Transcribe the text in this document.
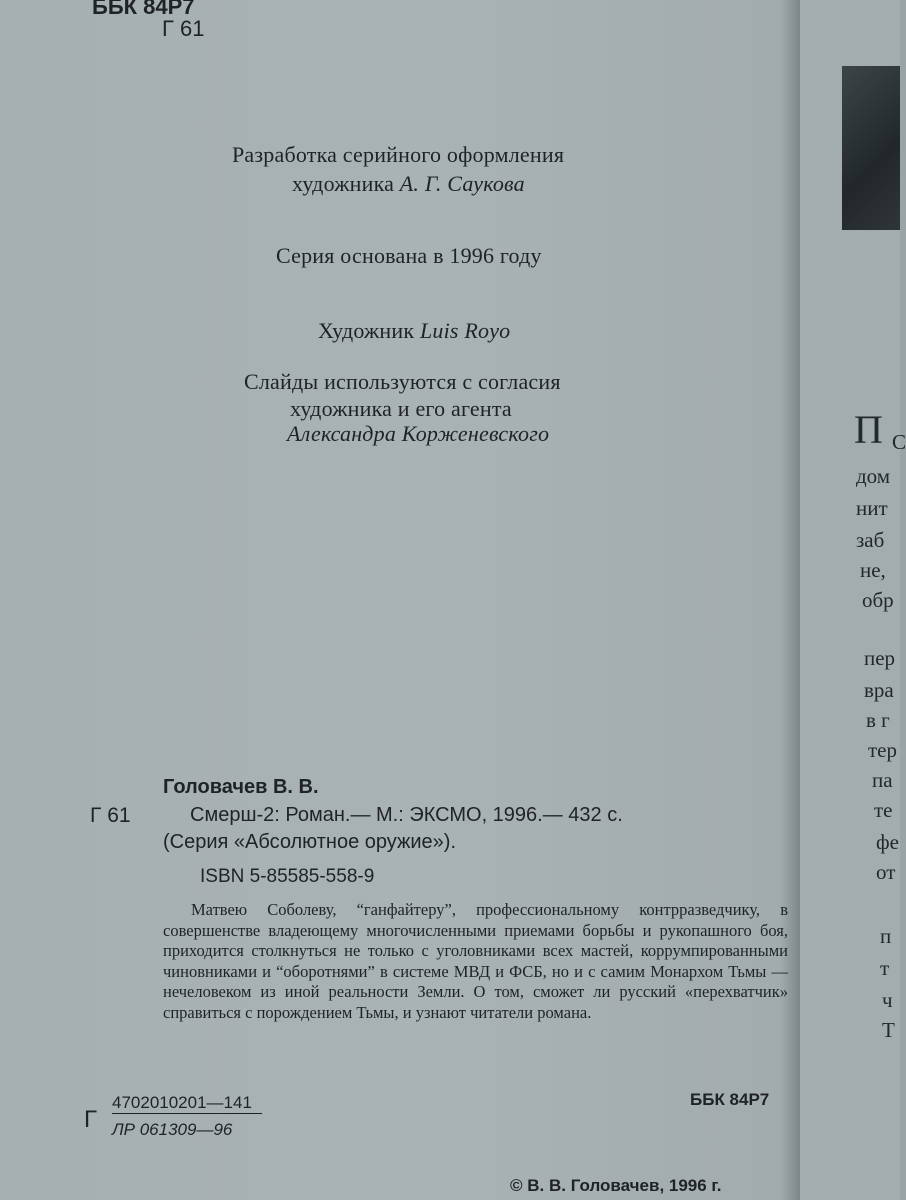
П С
дом
нит
заб
не,
обр
пер
вра
в г
тер
па
те
фе
от
п
т
ч
Т
ББК 84Р7
Г 61
Разработка серийного оформления
художника А. Г. Саукова
Серия основана в 1996 году
Художник Luis Royo
Слайды используются с согласия
художника и его агента
Александра Корженевского
Головачев В. В.
Г 61	Смерш-2: Роман.— М.: ЭКСМО, 1996.— 432 с.
(Серия «Абсолютное оружие»).
ISBN 5-85585-558-9

Матвею Соболеву, “ганфайтеру”, профессиональному контрразведчику, в совершенстве владеющему многочисленными приемами борьбы и рукопашного боя, приходится столкнуться не только с уголовниками всех мастей, коррумпированными чиновниками и “оборотнями” в системе МВД и ФСБ, но и с самим Монархом Тьмы — нечеловеком из иной реальности Земли. О том, сможет ли русский «перехватчик» справиться с порождением Тьмы, и узнают читатели романа.

Г
4702010201—141
ЛР 061309—96
ББК 84Р7
© В. В. Головачев, 1996 г.
